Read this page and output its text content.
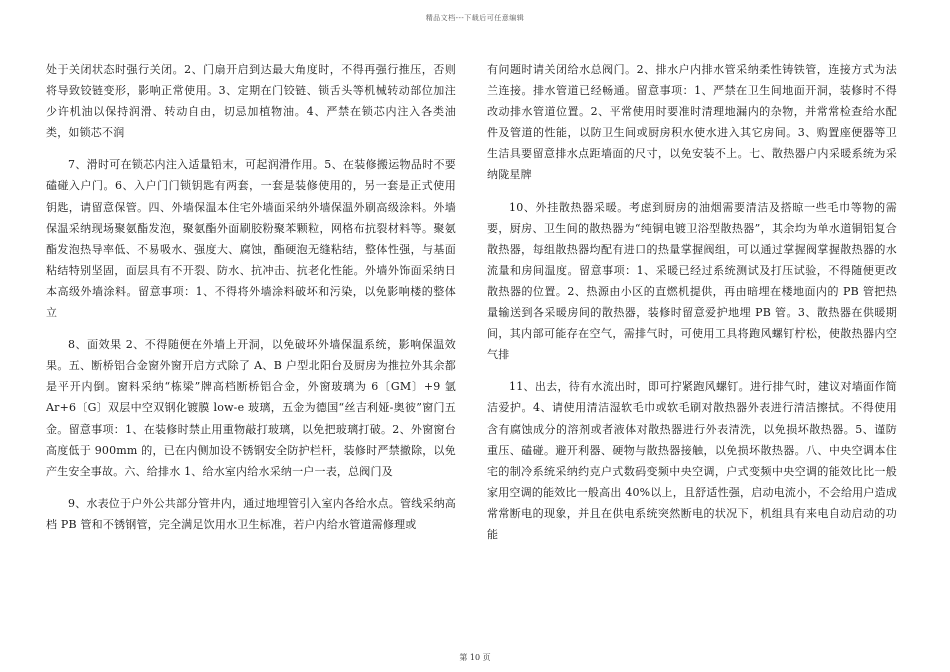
精品文档---下载后可任意编辑

处于关闭状态时强行关闭。2、门扇开启到达最大角度时，不得再强行推压，否则将导致铰链变形，影响正常使用。3、定期在门铰链、锁舌头等机械转动部位加注少许机油以保持润滑、转动自由，切忌加植物油。4、严禁在锁芯内注入各类油类，如锁芯不润

7、滑时可在锁芯内注入适量铅末，可起润滑作用。5、在装修搬运物品时不要磕碰入户门。6、入户门门锁钥匙有两套，一套是装修使用的，另一套是正式使用钥匙，请留意保管。四、外墙保温本住宅外墙面采纳外墙保温外刷高级涂料。外墙保温采纳现场聚氨酯发泡，聚氨酯外面刷胶粉聚苯颗粒，网格布抗裂材料等。聚氨酯发泡热导率低、不易吸水、强度大、腐蚀，酯硬泡无缝粘结，整体性强，与基面粘结特别坚固，面层具有不开裂、防水、抗冲击、抗老化性能。外墙外饰面采纳日本高级外墙涂料。留意事项：1、不得将外墙涂料破坏和污染，以免影响楼的整体立

8、面效果 2、不得随便在外墙上开洞，以免破坏外墙保温系统，影响保温效果。五、断桥铝合金窗外窗开启方式除了 A、B 户型北阳台及厨房为推拉外其余都是平开内倒。窗料采纳“栋梁”牌高档断桥铝合金，外窗玻璃为 6〔GM〕+9 氩 Ar+6〔G〕双层中空双钢化镀膜 low-e 玻璃，五金为德国“丝吉利娅-奥彼”窗门五金。留意事项：1、在装修时禁止用重物敲打玻璃，以免把玻璃打破。2、外窗窗台高度低于 900mm 的，已在内侧加设不锈钢安全防护栏杆，装修时严禁撤除，以免产生安全事故。六、给排水 1、给水室内给水采纳一户一表，总阀门及

9、水表位于户外公共部分管井内，通过地埋管引入室内各给水点。管线采纳高档 PB 管和不锈钢管，完全满足饮用水卫生标准，若户内给水管道需修理或

有问题时请关闭给水总阀门。2、排水户内排水管采纳柔性铸铁管，连接方式为法兰连接。排水管道已经畅通。留意事项：1、严禁在卫生间地面开洞，装修时不得改动排水管道位置。2、平常使用时要准时清理地漏内的杂物，并常常检查给水配件及管道的性能，以防卫生间或厨房积水使水进入其它房间。3、购置座便器等卫生洁具要留意排水点距墙面的尺寸，以免安装不上。七、散热器户内采暖系统为采纳陇星牌

10、外挂散热器采暖。考虑到厨房的油烟需要清洁及搭晾一些毛巾等物的需要，厨房、卫生间的散热器为“纯铜电镀卫浴型散热器”，其余均为单水道铜铝复合散热器，每组散热器均配有进口的热量掌握阀组，可以通过掌握阀掌握散热器的水流量和房间温度。留意事项：1、采暖已经过系统测试及打压试验，不得随便更改散热器的位置。2、热源由小区的直燃机提供，再由暗埋在楼地面内的 PB 管把热量输送到各采暖房间的散热器，装修时留意爱护地埋 PB 管。3、散热器在供暖期间，其内部可能存在空气，需排气时，可使用工具将跑风螺钉柠松，使散热器内空气排

11、出去，待有水流出时，即可拧紧跑风螺钉。进行排气时，建议对墙面作简洁爱护。4、请使用清洁湿软毛巾或软毛刷对散热器外表进行清洁擦拭。不得使用含有腐蚀成分的溶剂或者液体对散热器进行外表清洗，以免损坏散热器。5、谨防重压、磕碰。避开利器、硬物与散热器接触，以免损坏散热器。八、中央空调本住宅的制冷系统采纳约克户式数码变频中央空调，户式变频中央空调的能效比比一般家用空调的能效比一般高出 40%以上，且舒适性强，启动电流小，不会给用户造成常常断电的现象，并且在供电系统突然断电的状况下，机组具有来电自动启动的功能

第 10 页
